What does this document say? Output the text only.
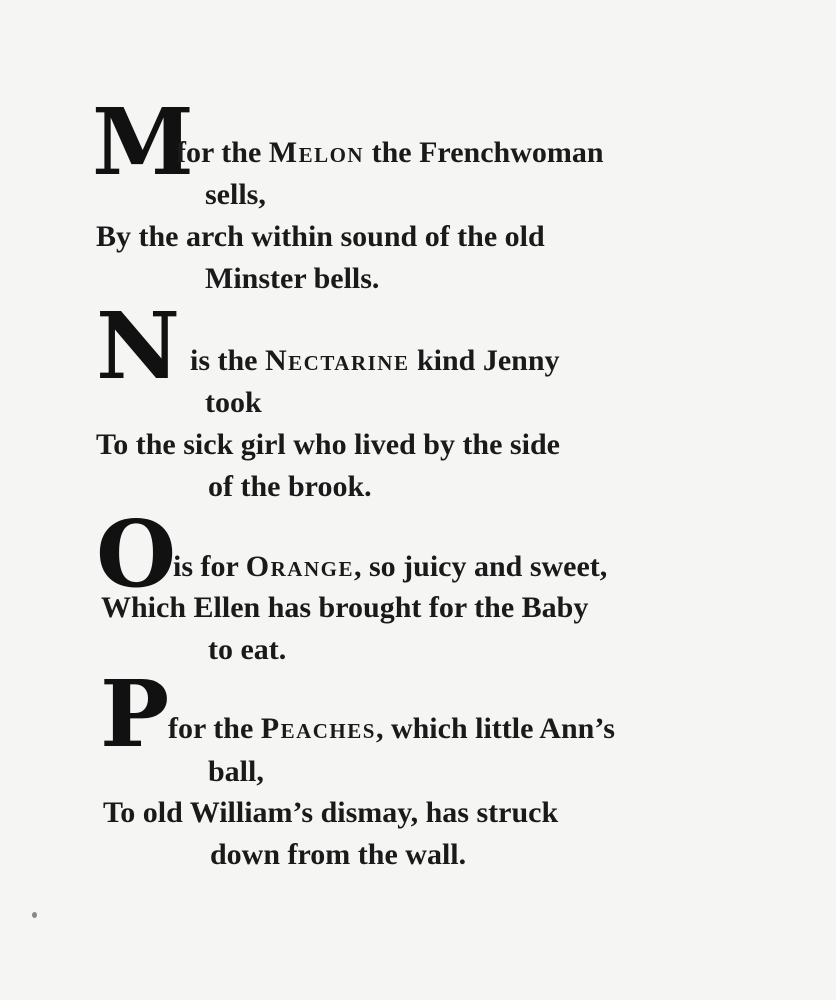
M
for the Melon the Frenchwoman
sells,
By the arch within sound of the old
Minster bells.
N is the Nectarine kind Jenny
took
To the sick girl who lived by the side
of the brook.
O
is for Orange, so juicy and sweet,
Which Ellen has brought for the Baby
to eat.
P for the Peaches, which little Ann’s
ball,
To old William’s dismay, has struck
down from the wall.
